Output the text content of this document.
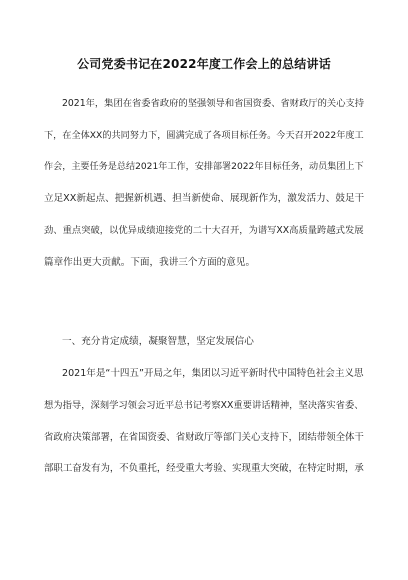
公司党委书记在2022年度工作会上的总结讲话
2021年，集团在省委省政府的坚强领导和省国资委、省财政厅的关心支持
下，在全体XX的共同努力下，圆满完成了各项目标任务。今天召开2022年度工
作会，主要任务是总结2021年工作，安排部署2022年目标任务，动员集团上下
立足XX新起点、把握新机遇、担当新使命、展现新作为，激发活力、鼓足干
劲、重点突破，以优异成绩迎接党的二十大召开，为谱写XX高质量跨越式发展
篇章作出更大贡献。下面，我讲三个方面的意见。
一、充分肯定成绩，凝聚智慧，坚定发展信心
2021年是“十四五”开局之年，集团以习近平新时代中国特色社会主义思
想为指导，深刻学习领会习近平总书记考察XX重要讲话精神，坚决落实省委、
省政府决策部署，在省国资委、省财政厅等部门关心支持下，团结带领全体干
部职工奋发有为，不负重托，经受重大考验、实现重大突破，在特定时期，承
